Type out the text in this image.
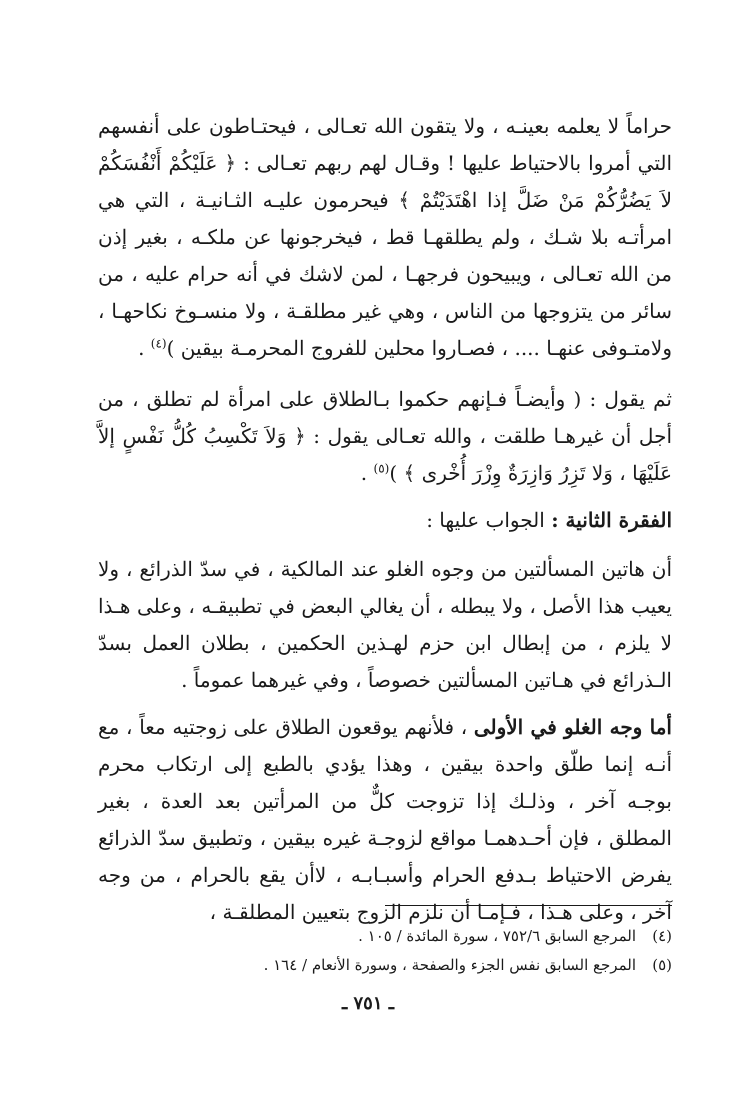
حراماً لا يعلمه بعينـه ، ولا يتقون الله تعـالى ، فيحتـاطون على أنفسهم التي أمروا بالاحتياط عليها ! وقـال لهم ربهم تعـالى : ﴿ عَلَيْكُمْ أَنْفُسَكُمْ لاَ يَضُرُّكُمْ مَنْ ضَلَّ إذا اهْتَدَيْتُمْ ﴾ فيحرمون عليـه الثـانيـة ، التي هي امرأتـه بلا شـك ، ولم يطلقهـا قط ، فيخرجونها عن ملكـه ، بغير إذن من الله تعـالى ، ويبيحون فرجهـا ، لمن لاشك في أنه حرام عليه ، من سائر من يتزوجها من الناس ، وهي غير مطلقـة ، ولا منسـوخ نكاحهـا ، ولامتـوفى عنهـا .... ، فصـاروا محلين للفروج المحرمـة بيقين )$^{(٤)}$ .

ثم يقول : ( وأيضـاً فـإنهم حكموا بـالطلاق على امرأة لم تطلق ، من أجل أن غيرهـا طلقت ، والله تعـالى يقول : ﴿ وَلاَ تَكْسِبُ كُلُّ نَفْسٍ إلاَّ عَلَيْهَا ، وَلا تَزِرُ وَازِرَةٌ وِزْرَ أُخْرى ﴾ )$^{(٥)}$ .

الفقرة الثانية : الجواب عليها :

أن هاتين المسألتين من وجوه الغلو عند المالكية ، في سدّ الذرائع ، ولا يعيب هذا الأصل ، ولا يبطله ، أن يغالي البعض في تطبيقـه ، وعلى هـذا لا يلزم ، من إبطال ابن حزم لهـذين الحكمين ، بطلان العمل بسدّ الـذرائع في هـاتين المسألتين خصوصاً ، وفي غيرهما عموماً .

أما وجه الغلو في الأولى ، فلأنهم يوقعون الطلاق على زوجتيه معاً ، مع أنـه إنما طلّق واحدة بيقين ، وهذا يؤدي بالطبع إلى ارتكاب محرم بوجـه آخر ، وذلـك إذا تزوجت كلٌّ من المرأتين بعد العدة ، بغير المطلق ، فإن أحـدهمـا مواقع لزوجـة غيره بيقين ، وتطبيق سدّ الذرائع يفرض الاحتياط بـدفع الحرام وأسبـابـه ، لاأن يقع بالحرام ، من وجه آخر ، وعلى هـذا ، فـإمـا أن نلزم الزوج بتعيين المطلقـة ،

(٤)
المرجع السابق ٧٥٢/٦ ، سورة المائدة / ١٠٥ .
(٥)
المرجع السابق نفس الجزء والصفحة ، وسورة الأنعام / ١٦٤ .
ـ ٧٥١ ـ
